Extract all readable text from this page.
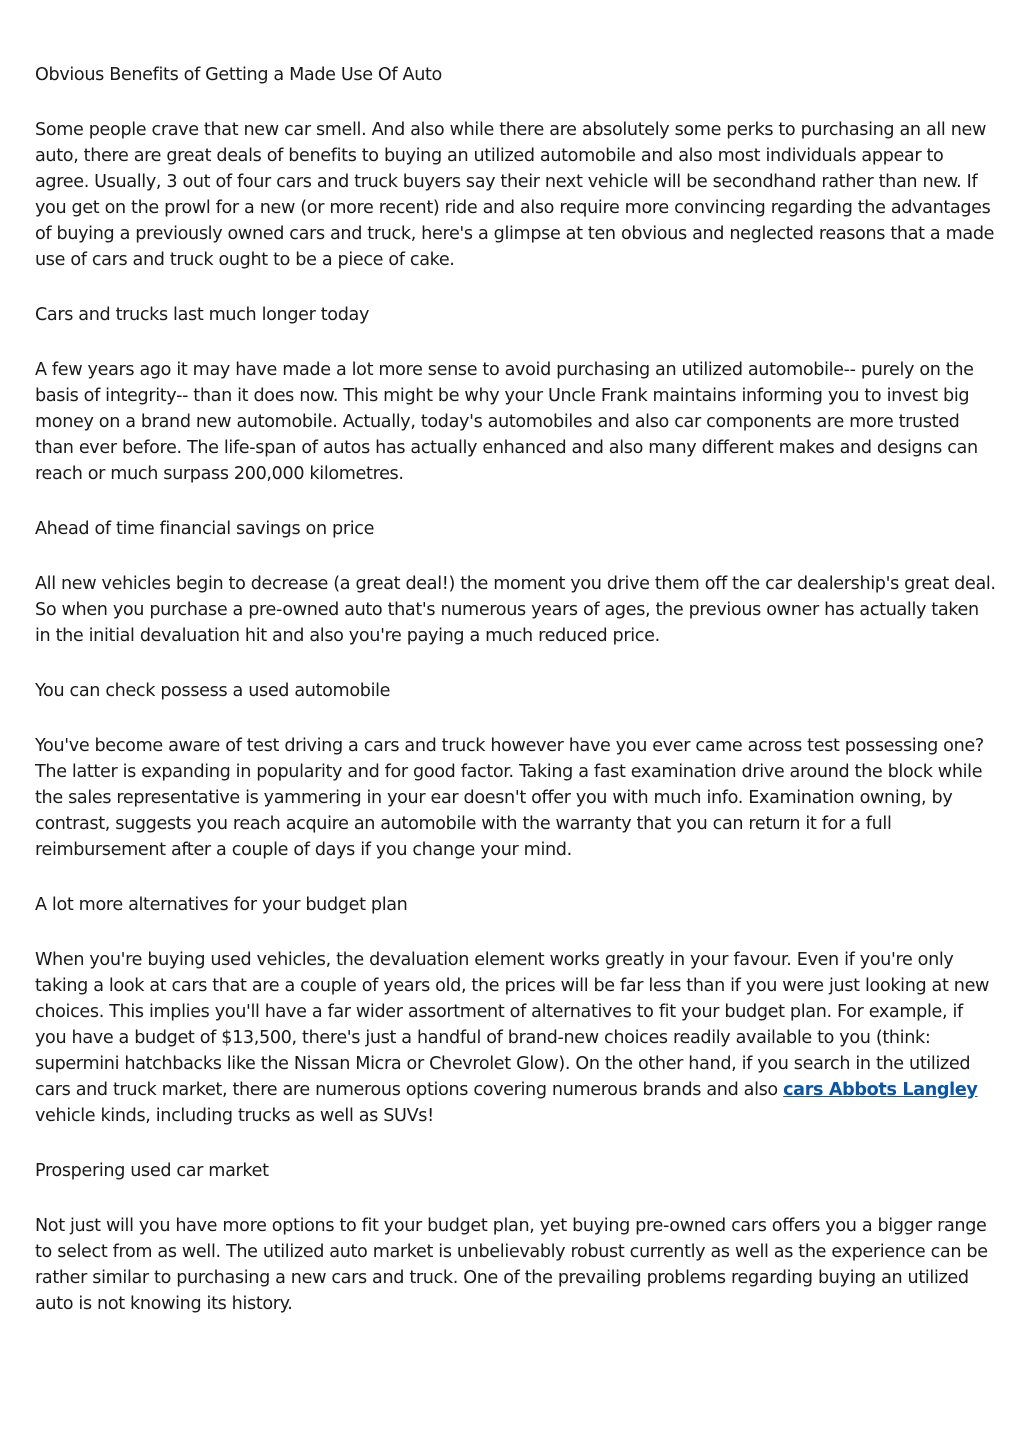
Obvious Benefits of Getting a Made Use Of Auto
Some people crave that new car smell. And also while there are absolutely some perks to purchasing an all new auto, there are great deals of benefits to buying an utilized automobile and also most individuals appear to agree. Usually, 3 out of four cars and truck buyers say their next vehicle will be secondhand rather than new. If you get on the prowl for a new (or more recent) ride and also require more convincing regarding the advantages of buying a previously owned cars and truck, here's a glimpse at ten obvious and neglected reasons that a made use of cars and truck ought to be a piece of cake.
Cars and trucks last much longer today
A few years ago it may have made a lot more sense to avoid purchasing an utilized automobile-- purely on the basis of integrity-- than it does now. This might be why your Uncle Frank maintains informing you to invest big money on a brand new automobile. Actually, today's automobiles and also car components are more trusted than ever before. The life-span of autos has actually enhanced and also many different makes and designs can reach or much surpass 200,000 kilometres.
Ahead of time financial savings on price
All new vehicles begin to decrease (a great deal!) the moment you drive them off the car dealership's great deal. So when you purchase a pre-owned auto that's numerous years of ages, the previous owner has actually taken in the initial devaluation hit and also you're paying a much reduced price.
You can check possess a used automobile
You've become aware of test driving a cars and truck however have you ever came across test possessing one? The latter is expanding in popularity and for good factor. Taking a fast examination drive around the block while the sales representative is yammering in your ear doesn't offer you with much info. Examination owning, by contrast, suggests you reach acquire an automobile with the warranty that you can return it for a full reimbursement after a couple of days if you change your mind.
A lot more alternatives for your budget plan
When you're buying used vehicles, the devaluation element works greatly in your favour. Even if you're only taking a look at cars that are a couple of years old, the prices will be far less than if you were just looking at new choices. This implies you'll have a far wider assortment of alternatives to fit your budget plan. For example, if you have a budget of $13,500, there's just a handful of brand-new choices readily available to you (think: supermini hatchbacks like the Nissan Micra or Chevrolet Glow). On the other hand, if you search in the utilized cars and truck market, there are numerous options covering numerous brands and also cars Abbots Langley vehicle kinds, including trucks as well as SUVs!
Prospering used car market
Not just will you have more options to fit your budget plan, yet buying pre-owned cars offers you a bigger range to select from as well. The utilized auto market is unbelievably robust currently as well as the experience can be rather similar to purchasing a new cars and truck. One of the prevailing problems regarding buying an utilized auto is not knowing its history.
